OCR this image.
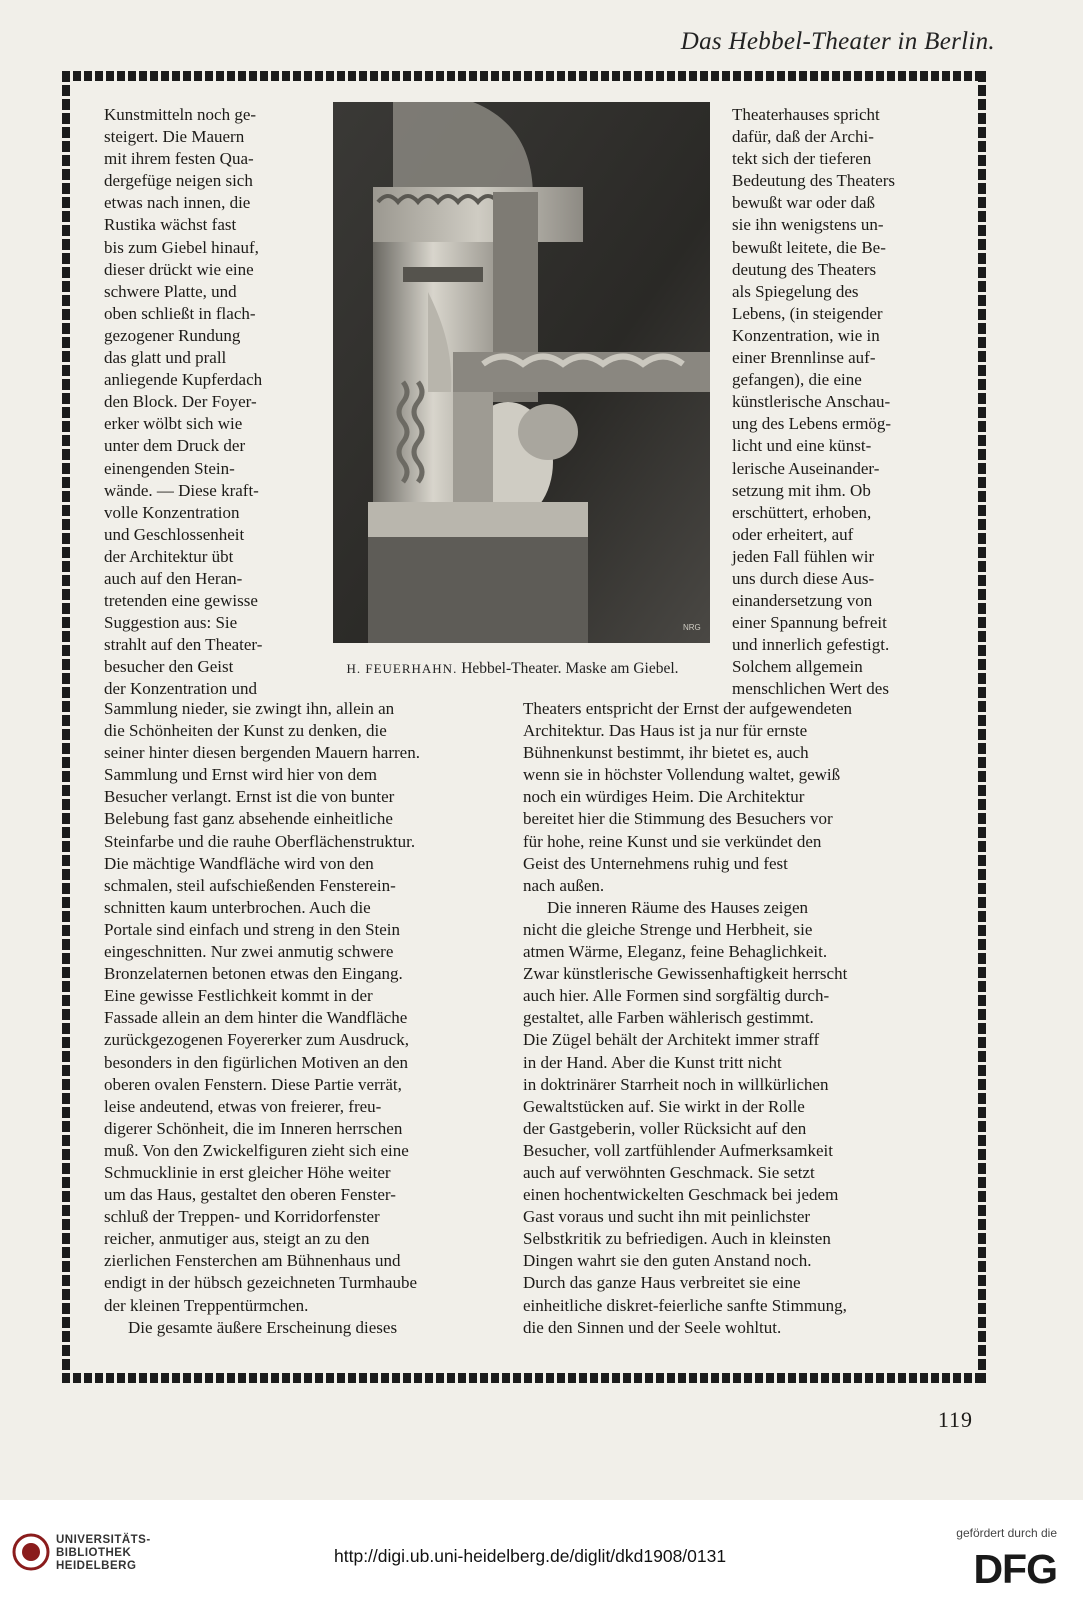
Das Hebbel-Theater in Berlin.

Kunstmitteln noch ge-

steigert. Die Mauern

mit ihrem festen Qua-

dergefüge neigen sich

etwas nach innen, die

Rustika wächst fast

bis zum Giebel hinauf,

dieser drückt wie eine

schwere Platte, und

oben schließt in flach-

gezogener Rundung

das glatt und prall

anliegende Kupferdach

den Block. Der Foyer-

erker wölbt sich wie

unter dem Druck der

einengenden Stein-

wände. — Diese kraft-

volle Konzentration

und Geschlossenheit

der Architektur übt

auch auf den Heran-

tretenden eine gewisse

Suggestion aus: Sie

strahlt auf den Theater-

besucher den Geist

der Konzentration und

NRG
H. FEUERHAHN. Hebbel-Theater. Maske am Giebel.

Theaterhauses spricht

dafür, daß der Archi-

tekt sich der tieferen

Bedeutung des Theaters

bewußt war oder daß

sie ihn wenigstens un-

bewußt leitete, die Be-

deutung des Theaters

als Spiegelung des

Lebens, (in steigender

Konzentration, wie in

einer Brennlinse auf-

gefangen), die eine

künstlerische Anschau-

ung des Lebens ermög-

licht und eine künst-

lerische Auseinander-

setzung mit ihm. Ob

erschüttert, erhoben,

oder erheitert, auf

jeden Fall fühlen wir

uns durch diese Aus-

einandersetzung von

einer Spannung befreit

und innerlich gefestigt.

Solchem allgemein

menschlichen Wert des

Sammlung nieder, sie zwingt ihn, allein an

die Schönheiten der Kunst zu denken, die

seiner hinter diesen bergenden Mauern harren.

Sammlung und Ernst wird hier von dem

Besucher verlangt. Ernst ist die von bunter

Belebung fast ganz absehende einheitliche

Steinfarbe und die rauhe Oberflächenstruktur.

Die mächtige Wandfläche wird von den

schmalen, steil aufschießenden Fensterein-

schnitten kaum unterbrochen. Auch die

Portale sind einfach und streng in den Stein

eingeschnitten. Nur zwei anmutig schwere

Bronzelaternen betonen etwas den Eingang.

Eine gewisse Festlichkeit kommt in der

Fassade allein an dem hinter die Wandfläche

zurückgezogenen Foyererker zum Ausdruck,

besonders in den figürlichen Motiven an den

oberen ovalen Fenstern. Diese Partie verrät,

leise andeutend, etwas von freierer, freu-

digerer Schönheit, die im Inneren herrschen

muß. Von den Zwickelfiguren zieht sich eine

Schmucklinie in erst gleicher Höhe weiter

um das Haus, gestaltet den oberen Fenster-

schluß der Treppen- und Korridorfenster

reicher, anmutiger aus, steigt an zu den

zierlichen Fensterchen am Bühnenhaus und

endigt in der hübsch gezeichneten Turmhaube

der kleinen Treppentürmchen.

Die gesamte äußere Erscheinung dieses

Theaters entspricht der Ernst der aufgewendeten

Architektur. Das Haus ist ja nur für ernste

Bühnenkunst bestimmt, ihr bietet es, auch

wenn sie in höchster Vollendung waltet, gewiß

noch ein würdiges Heim. Die Architektur

bereitet hier die Stimmung des Besuchers vor

für hohe, reine Kunst und sie verkündet den

Geist des Unternehmens ruhig und fest

nach außen.

Die inneren Räume des Hauses zeigen

nicht die gleiche Strenge und Herbheit, sie

atmen Wärme, Eleganz, feine Behaglichkeit.

Zwar künstlerische Gewissenhaftigkeit herrscht

auch hier. Alle Formen sind sorgfältig durch-

gestaltet, alle Farben wählerisch gestimmt.

Die Zügel behält der Architekt immer straff

in der Hand. Aber die Kunst tritt nicht

in doktrinärer Starrheit noch in willkürlichen

Gewaltstücken auf. Sie wirkt in der Rolle

der Gastgeberin, voller Rücksicht auf den

Besucher, voll zartfühlender Aufmerksamkeit

auch auf verwöhnten Geschmack. Sie setzt

einen hochentwickelten Geschmack bei jedem

Gast voraus und sucht ihn mit peinlichster

Selbstkritik zu befriedigen. Auch in kleinsten

Dingen wahrt sie den guten Anstand noch.

Durch das ganze Haus verbreitet sie eine

einheitliche diskret-feierliche sanfte Stimmung,

die den Sinnen und der Seele wohltut.

119
UNIVERSITÄTS-
BIBLIOTHEK
HEIDELBERG	http://digi.ub.uni-heidelberg.de/diglit/dkd1908/0131
gefördert durch die
DFG
